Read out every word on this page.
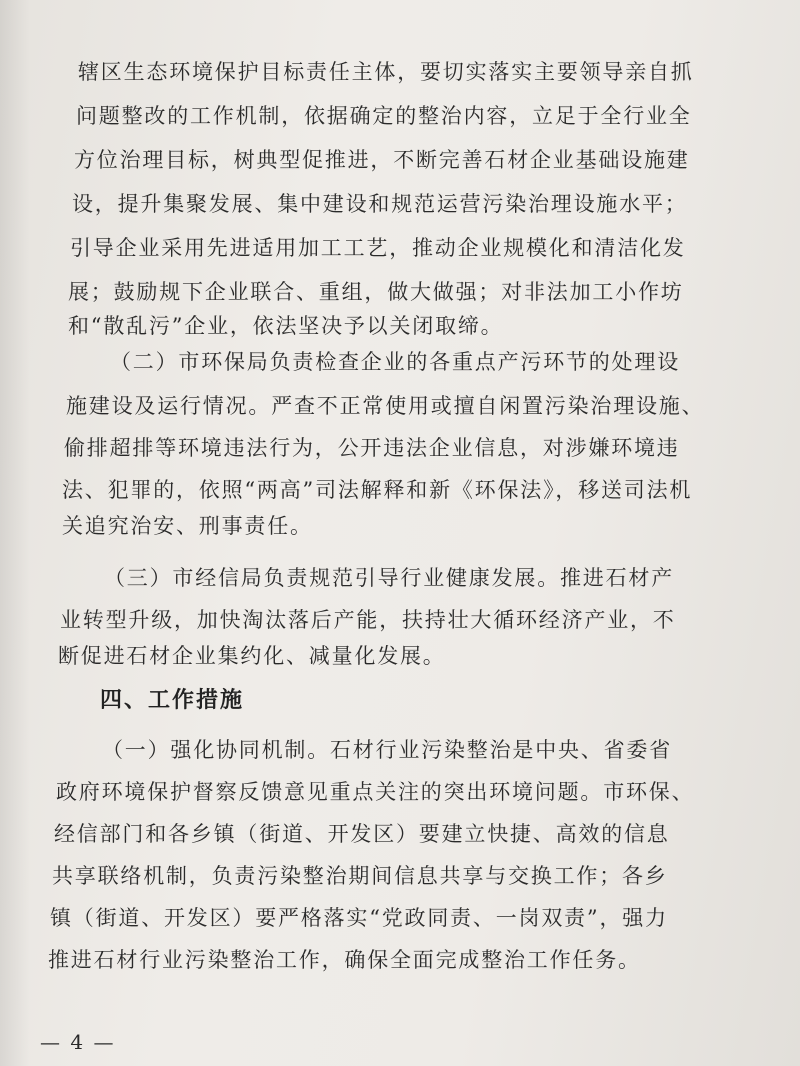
辖区生态环境保护目标责任主体，要切实落实主要领导亲自抓
问题整改的工作机制，依据确定的整治内容，立足于全行业全
方位治理目标，树典型促推进，不断完善石材企业基础设施建
设，提升集聚发展、集中建设和规范运营污染治理设施水平；
引导企业采用先进适用加工工艺，推动企业规模化和清洁化发
展；鼓励规下企业联合、重组，做大做强；对非法加工小作坊
和“散乱污”企业，依法坚决予以关闭取缔。
（二）市环保局负责检查企业的各重点产污环节的处理设
施建设及运行情况。严查不正常使用或擅自闲置污染治理设施、
偷排超排等环境违法行为，公开违法企业信息，对涉嫌环境违
法、犯罪的，依照“两高”司法解释和新《环保法》，移送司法机
关追究治安、刑事责任。
（三）市经信局负责规范引导行业健康发展。推进石材产
业转型升级，加快淘汰落后产能，扶持壮大循环经济产业，不
断促进石材企业集约化、减量化发展。
四、工作措施
（一）强化协同机制。石材行业污染整治是中央、省委省
政府环境保护督察反馈意见重点关注的突出环境问题。市环保、
经信部门和各乡镇（街道、开发区）要建立快捷、高效的信息
共享联络机制，负责污染整治期间信息共享与交换工作；各乡
镇（街道、开发区）要严格落实“党政同责、一岗双责”，强力
推进石材行业污染整治工作，确保全面完成整治工作任务。
— 4 —
